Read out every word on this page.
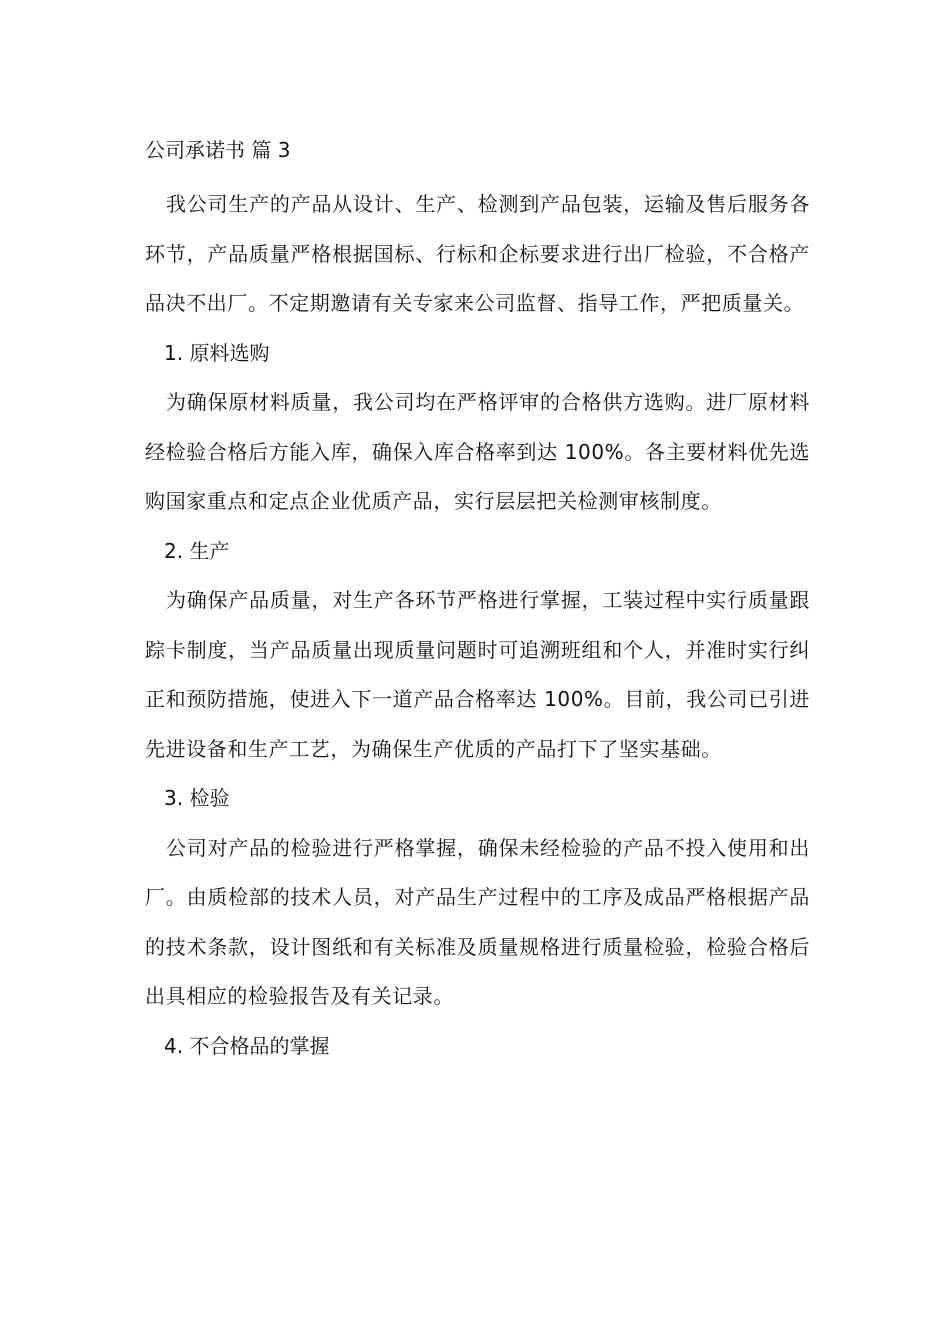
公司承诺书 篇 3

我公司生产的产品从设计、生产、检测到产品包装，运输及售后服务各环节，产品质量严格根据国标、行标和企标要求进行出厂检验，不合格产品决不出厂。不定期邀请有关专家来公司监督、指导工作，严把质量关。

1. 原料选购

为确保原材料质量，我公司均在严格评审的合格供方选购。进厂原材料经检验合格后方能入库，确保入库合格率到达 100%。各主要材料优先选购国家重点和定点企业优质产品，实行层层把关检测审核制度。

2. 生产

为确保产品质量，对生产各环节严格进行掌握，工装过程中实行质量跟踪卡制度，当产品质量出现质量问题时可追溯班组和个人，并准时实行纠正和预防措施，使进入下一道产品合格率达 100%。目前，我公司已引进先进设备和生产工艺，为确保生产优质的产品打下了坚实基础。

3. 检验

公司对产品的检验进行严格掌握，确保未经检验的产品不投入使用和出厂。由质检部的技术人员，对产品生产过程中的工序及成品严格根据产品的技术条款，设计图纸和有关标准及质量规格进行质量检验，检验合格后出具相应的检验报告及有关记录。

4. 不合格品的掌握
